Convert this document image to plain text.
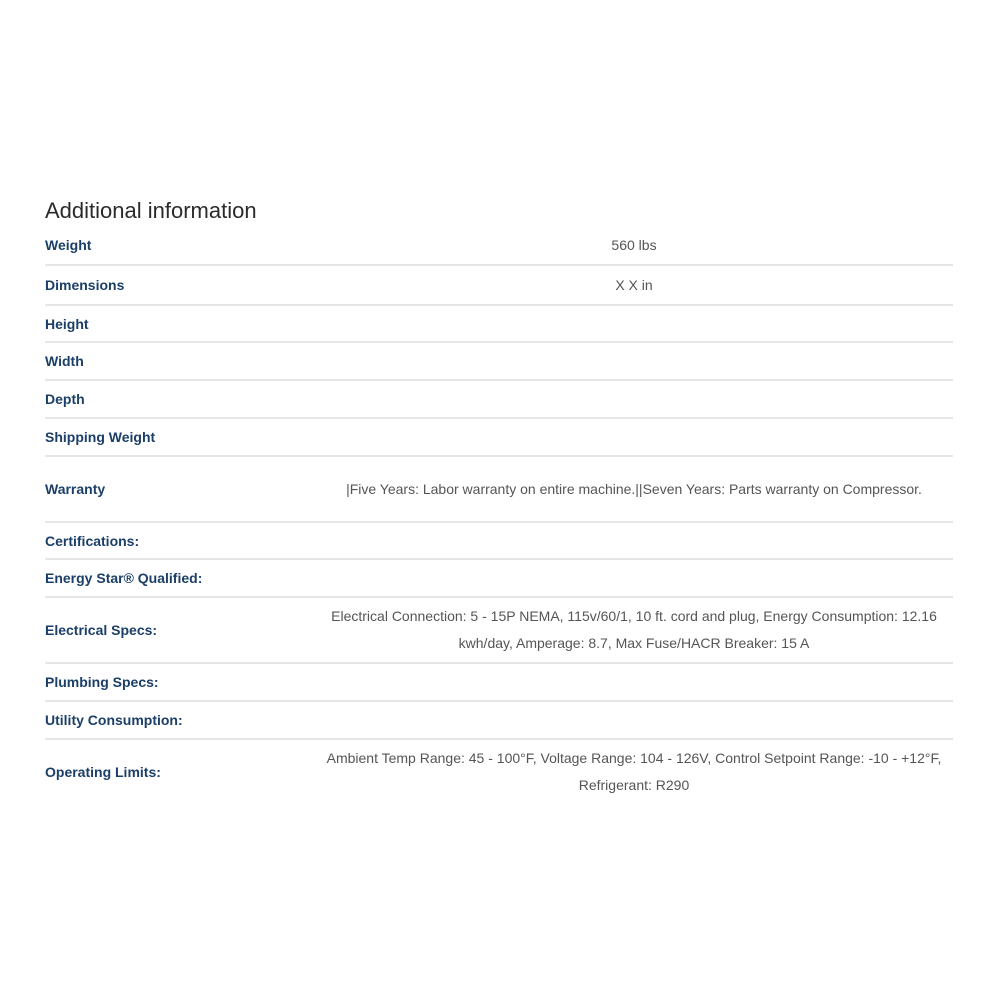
Additional information
Weight	560 lbs
Dimensions	X X in
Height	
Width	
Depth	
Shipping Weight	
Warranty	|Five Years: Labor warranty on entire machine.||Seven Years: Parts warranty on Compressor.
Certifications:	
Energy Star® Qualified:	
Electrical Specs:	Electrical Connection: 5 - 15P NEMA, 115v/60/1, 10 ft. cord and plug, Energy Consumption: 12.16 kwh/day, Amperage: 8.7, Max Fuse/HACR Breaker: 15 A
Plumbing Specs:	
Utility Consumption:	
Operating Limits:	Ambient Temp Range: 45 - 100°F, Voltage Range: 104 - 126V, Control Setpoint Range: -10 - +12°F, Refrigerant: R290
